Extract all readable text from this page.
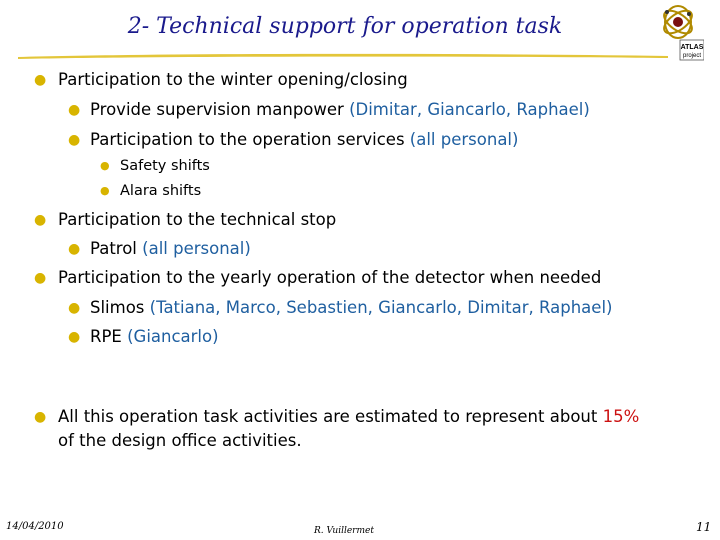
2- Technical support for operation task
ATLAS
project
● Participation to the winter opening/closing
● Provide supervision manpower (Dimitar, Giancarlo, Raphael)
● Participation to the operation services (all personal)
● Safety shifts
● Alara shifts
● Participation to the technical stop
● Patrol (all personal)
● Participation to the yearly operation of the detector when needed
● Slimos (Tatiana, Marco, Sebastien, Giancarlo, Dimitar, Raphael)
● RPE (Giancarlo)
● All this operation task activities are estimated to represent about 15%
of the design office activities.
14/04/2010	R. Vuillermet	11
